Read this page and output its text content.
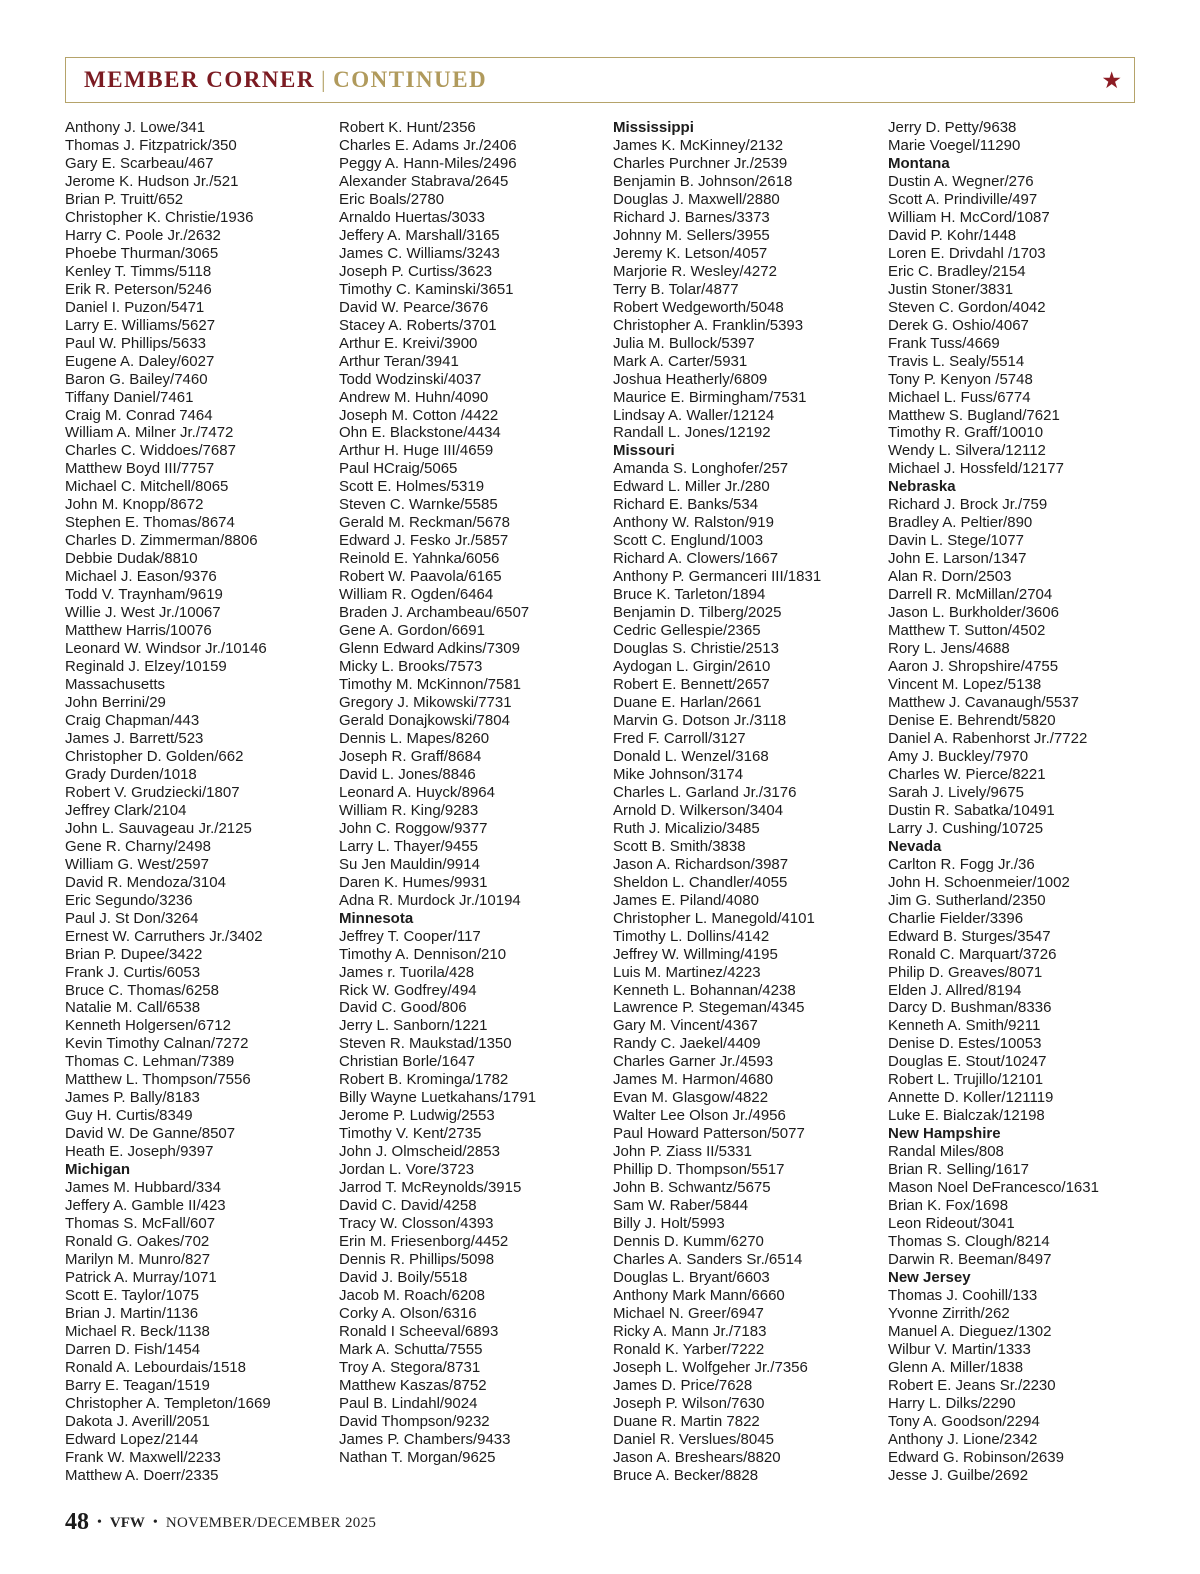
MEMBER CORNER | CONTINUED	★
Anthony J. Lowe/341
Thomas J. Fitzpatrick/350
Gary E. Scarbeau/467
Jerome K. Hudson Jr./521
Brian P. Truitt/652
Christopher K. Christie/1936
Harry C. Poole Jr./2632
Phoebe Thurman/3065
Kenley T. Timms/5118
Erik R. Peterson/5246
Daniel I. Puzon/5471
Larry E. Williams/5627
Paul W. Phillips/5633
Eugene A. Daley/6027
Baron G. Bailey/7460
Tiffany Daniel/7461
Craig M. Conrad 7464
William A. Milner Jr./7472
Charles C. Widdoes/7687
Matthew Boyd III/7757
Michael C. Mitchell/8065
John M. Knopp/8672
Stephen E. Thomas/8674
Charles D. Zimmerman/8806
Debbie Dudak/8810
Michael J. Eason/9376
Todd V. Traynham/9619
Willie J. West Jr./10067
Matthew Harris/10076
Leonard W. Windsor Jr./10146
Reginald J. Elzey/10159
Massachusetts
John Berrini/29
Craig Chapman/443
James J. Barrett/523
Christopher D. Golden/662
Grady Durden/1018
Robert V. Grudziecki/1807
Jeffrey Clark/2104
John L. Sauvageau Jr./2125
Gene R. Charny/2498
William G. West/2597
David R. Mendoza/3104
Eric Segundo/3236
Paul J. St Don/3264
Ernest W. Carruthers Jr./3402
Brian P. Dupee/3422
Frank J. Curtis/6053
Bruce C. Thomas/6258
Natalie M. Call/6538
Kenneth Holgersen/6712
Kevin Timothy Calnan/7272
Thomas C. Lehman/7389
Matthew L. Thompson/7556
James P. Bally/8183
Guy H. Curtis/8349
David W. De Ganne/8507
Heath E. Joseph/9397
Michigan
James M. Hubbard/334
Jeffery A. Gamble II/423
Thomas S. McFall/607
Ronald G. Oakes/702
Marilyn M. Munro/827
Patrick A. Murray/1071
Scott E. Taylor/1075
Brian J. Martin/1136
Michael R. Beck/1138
Darren D. Fish/1454
Ronald A. Lebourdais/1518
Barry E. Teagan/1519
Christopher A. Templeton/1669
Dakota J. Averill/2051
Edward Lopez/2144
Frank W. Maxwell/2233
Matthew A. Doerr/2335
Robert K. Hunt/2356
Charles E. Adams Jr./2406
Peggy A. Hann-Miles/2496
Alexander Stabrava/2645
Eric Boals/2780
Arnaldo Huertas/3033
Jeffery A. Marshall/3165
James C. Williams/3243
Joseph P. Curtiss/3623
Timothy C. Kaminski/3651
David W. Pearce/3676
Stacey A. Roberts/3701
Arthur E. Kreivi/3900
Arthur Teran/3941
Todd Wodzinski/4037
Andrew M. Huhn/4090
Joseph M. Cotton /4422
Ohn E. Blackstone/4434
Arthur H. Huge III/4659
Paul HCraig/5065
Scott E. Holmes/5319
Steven C. Warnke/5585
Gerald M. Reckman/5678
Edward J. Fesko Jr./5857
Reinold E. Yahnka/6056
Robert W. Paavola/6165
William R. Ogden/6464
Braden J. Archambeau/6507
Gene A. Gordon/6691
Glenn Edward Adkins/7309
Micky L. Brooks/7573
Timothy M. McKinnon/7581
Gregory J. Mikowski/7731
Gerald Donajkowski/7804
Dennis L. Mapes/8260
Joseph R. Graff/8684
David L. Jones/8846
Leonard A. Huyck/8964
William R. King/9283
John C. Roggow/9377
Larry L. Thayer/9455
Su Jen Mauldin/9914
Daren K. Humes/9931
Adna R. Murdock Jr./10194
Minnesota
Jeffrey T. Cooper/117
Timothy A. Dennison/210
James r. Tuorila/428
Rick W. Godfrey/494
David C. Good/806
Jerry L. Sanborn/1221
Steven R. Maukstad/1350
Christian Borle/1647
Robert B. Krominga/1782
Billy Wayne Luetkahans/1791
Jerome P. Ludwig/2553
Timothy V. Kent/2735
John J. Olmscheid/2853
Jordan L. Vore/3723
Jarrod T. McReynolds/3915
David C. David/4258
Tracy W. Closson/4393
Erin M. Friesenborg/4452
Dennis R. Phillips/5098
David J. Boily/5518
Jacob M. Roach/6208
Corky A. Olson/6316
Ronald I Scheeval/6893
Mark A. Schutta/7555
Troy A. Stegora/8731
Matthew Kaszas/8752
Paul B. Lindahl/9024
David Thompson/9232
James P. Chambers/9433
Nathan T. Morgan/9625
Mississippi
James K. McKinney/2132
Charles Purchner Jr./2539
Benjamin B. Johnson/2618
Douglas J. Maxwell/2880
Richard J. Barnes/3373
Johnny M. Sellers/3955
Jeremy K. Letson/4057
Marjorie R. Wesley/4272
Terry B. Tolar/4877
Robert Wedgeworth/5048
Christopher A. Franklin/5393
Julia M. Bullock/5397
Mark A. Carter/5931
Joshua Heatherly/6809
Maurice E. Birmingham/7531
Lindsay A. Waller/12124
Randall L. Jones/12192
Missouri
Amanda S. Longhofer/257
Edward L. Miller Jr./280
Richard E. Banks/534
Anthony W. Ralston/919
Scott C. Englund/1003
Richard A. Clowers/1667
Anthony P. Germanceri III/1831
Bruce K. Tarleton/1894
Benjamin D. Tilberg/2025
Cedric Gellespie/2365
Douglas S. Christie/2513
Aydogan L. Girgin/2610
Robert E. Bennett/2657
Duane E. Harlan/2661
Marvin G. Dotson Jr./3118
Fred F. Carroll/3127
Donald L. Wenzel/3168
Mike Johnson/3174
Charles L. Garland Jr./3176
Arnold D. Wilkerson/3404
Ruth J. Micalizio/3485
Scott B. Smith/3838
Jason A. Richardson/3987
Sheldon L. Chandler/4055
James E. Piland/4080
Christopher L. Manegold/4101
Timothy L. Dollins/4142
Jeffrey W. Willming/4195
Luis M. Martinez/4223
Kenneth L. Bohannan/4238
Lawrence P. Stegeman/4345
Gary M. Vincent/4367
Randy C. Jaekel/4409
Charles Garner Jr./4593
James M. Harmon/4680
Evan M. Glasgow/4822
Walter Lee Olson Jr./4956
Paul Howard Patterson/5077
John P. Ziass II/5331
Phillip D. Thompson/5517
John B. Schwantz/5675
Sam W. Raber/5844
Billy J. Holt/5993
Dennis D. Kumm/6270
Charles A. Sanders Sr./6514
Douglas L. Bryant/6603
Anthony Mark Mann/6660
Michael N. Greer/6947
Ricky A. Mann Jr./7183
Ronald K. Yarber/7222
Joseph L. Wolfgeher Jr./7356
James D. Price/7628
Joseph P. Wilson/7630
Duane R. Martin 7822
Daniel R. Verslues/8045
Jason A. Breshears/8820
Bruce A. Becker/8828
Jerry D. Petty/9638
Marie Voegel/11290
Montana
Dustin A. Wegner/276
Scott A. Prindiville/497
William H. McCord/1087
David P. Kohr/1448
Loren E. Drivdahl /1703
Eric C. Bradley/2154
Justin Stoner/3831
Steven C. Gordon/4042
Derek G. Oshio/4067
Frank Tuss/4669
Travis L. Sealy/5514
Tony P. Kenyon /5748
Michael L. Fuss/6774
Matthew S. Bugland/7621
Timothy R. Graff/10010
Wendy L. Silvera/12112
Michael J. Hossfeld/12177
Nebraska
Richard J. Brock Jr./759
Bradley A. Peltier/890
Davin L. Stege/1077
John E. Larson/1347
Alan R. Dorn/2503
Darrell R. McMillan/2704
Jason L. Burkholder/3606
Matthew T. Sutton/4502
Rory L. Jens/4688
Aaron J. Shropshire/4755
Vincent M. Lopez/5138
Matthew J. Cavanaugh/5537
Denise E. Behrendt/5820
Daniel A. Rabenhorst Jr./7722
Amy J. Buckley/7970
Charles W. Pierce/8221
Sarah J. Lively/9675
Dustin R. Sabatka/10491
Larry J. Cushing/10725
Nevada
Carlton R. Fogg Jr./36
John H. Schoenmeier/1002
Jim G. Sutherland/2350
Charlie Fielder/3396
Edward B. Sturges/3547
Ronald C. Marquart/3726
Philip D. Greaves/8071
Elden J. Allred/8194
Darcy D. Bushman/8336
Kenneth A. Smith/9211
Denise D. Estes/10053
Douglas E. Stout/10247
Robert L. Trujillo/12101
Annette D. Koller/121119
Luke E. Bialczak/12198
New Hampshire
Randal Miles/808
Brian R. Selling/1617
Mason Noel DeFrancesco/1631
Brian K. Fox/1698
Leon Rideout/3041
Thomas S. Clough/8214
Darwin R. Beeman/8497
New Jersey
Thomas J. Coohill/133
Yvonne Zirrith/262
Manuel A. Dieguez/1302
Wilbur V. Martin/1333
Glenn A. Miller/1838
Robert E. Jeans Sr./2230
Harry L. Dilks/2290
Tony A. Goodson/2294
Anthony J. Lione/2342
Edward G. Robinson/2639
Jesse J. Guilbe/2692
48 • VFW • NOVEMBER/DECEMBER 2025
